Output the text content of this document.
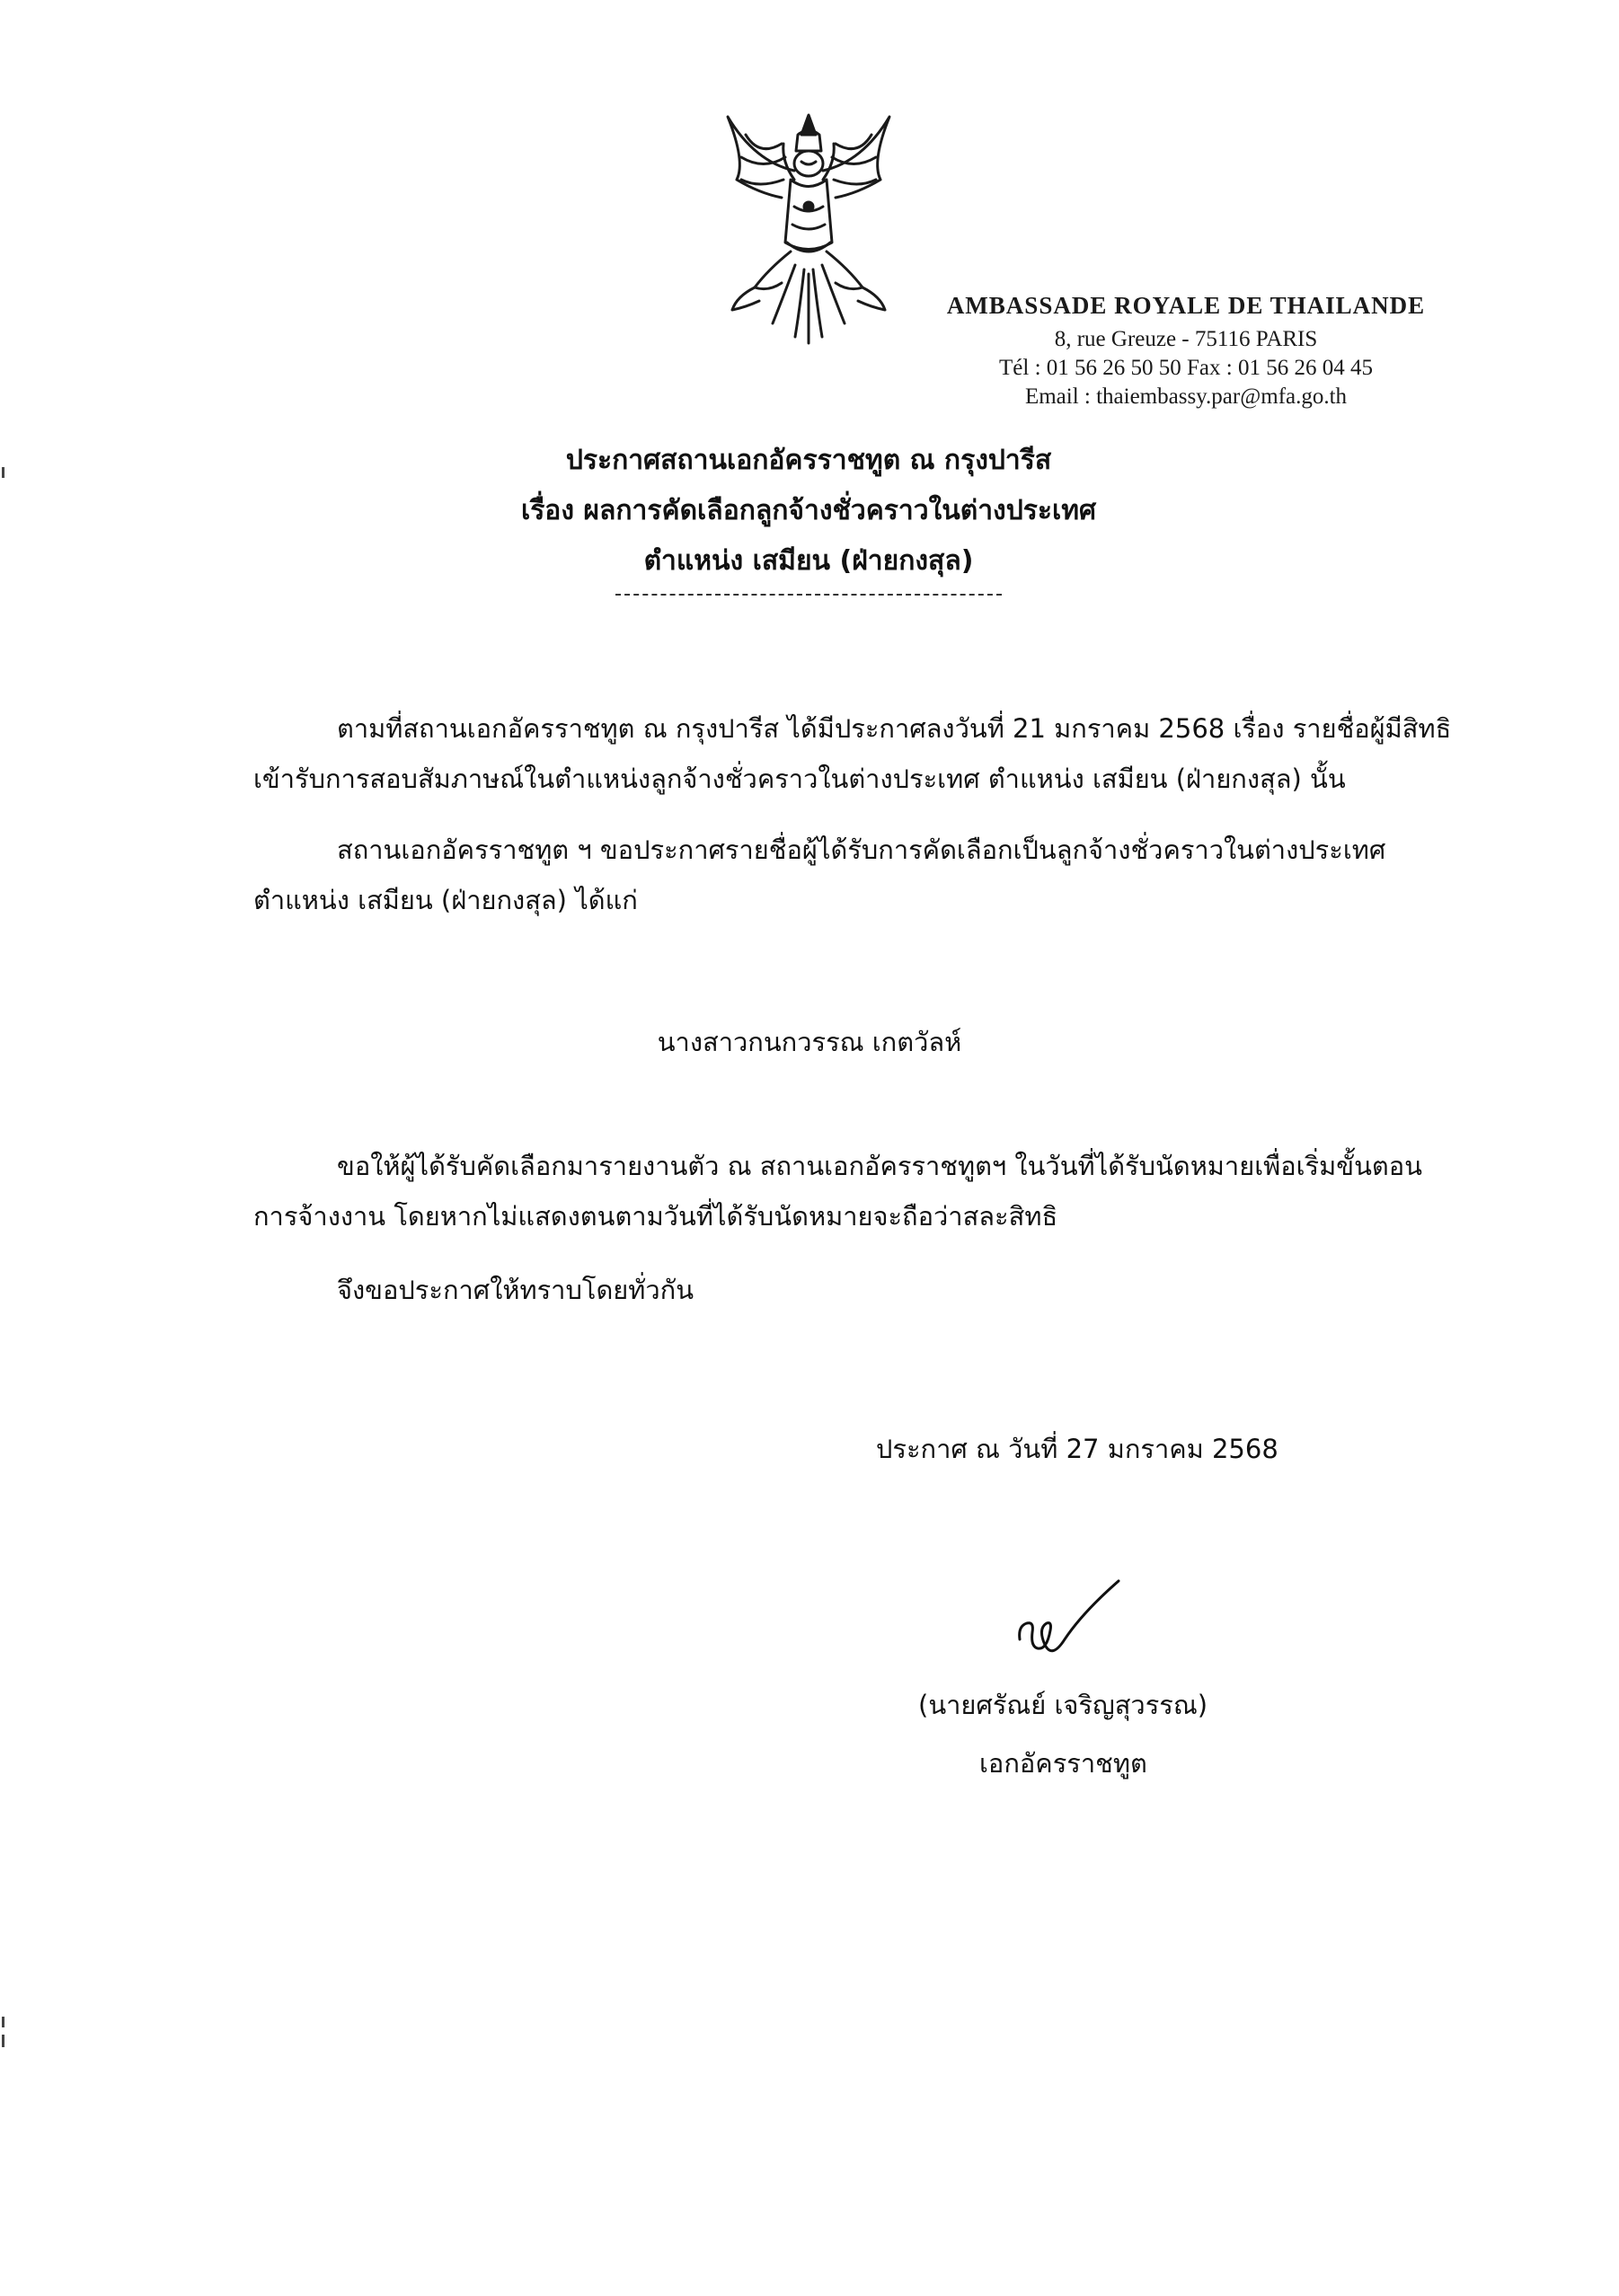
AMBASSADE ROYALE DE THAILANDE
8, rue Greuze - 75116 PARIS
Tél : 01 56 26 50 50 Fax : 01 56 26 04 45
Email : thaiembassy.par@mfa.go.th
ประกาศสถานเอกอัครราชทูต ณ กรุงปารีส
เรื่อง ผลการคัดเลือกลูกจ้างชั่วคราวในต่างประเทศ
ตำแหน่ง เสมียน (ฝ่ายกงสุล)
ตามที่สถานเอกอัครราชทูต ณ กรุงปารีส ได้มีประกาศลงวันที่ 21 มกราคม 2568 เรื่อง รายชื่อผู้มีสิทธิ
เข้ารับการสอบสัมภาษณ์ในตำแหน่งลูกจ้างชั่วคราวในต่างประเทศ ตำแหน่ง เสมียน (ฝ่ายกงสุล) นั้น
สถานเอกอัครราชทูต ฯ ขอประกาศรายชื่อผู้ได้รับการคัดเลือกเป็นลูกจ้างชั่วคราวในต่างประเทศ
ตำแหน่ง เสมียน (ฝ่ายกงสุล) ได้แก่
นางสาวกนกวรรณ เกตวัลห์
ขอให้ผู้ได้รับคัดเลือกมารายงานตัว ณ สถานเอกอัครราชทูตฯ ในวันที่ได้รับนัดหมายเพื่อเริ่มขั้นตอน
การจ้างงาน โดยหากไม่แสดงตนตามวันที่ได้รับนัดหมายจะถือว่าสละสิทธิ
จึงขอประกาศให้ทราบโดยทั่วกัน
ประกาศ ณ วันที่ 27 มกราคม 2568
(นายศรัณย์ เจริญสุวรรณ)
เอกอัครราชทูต
